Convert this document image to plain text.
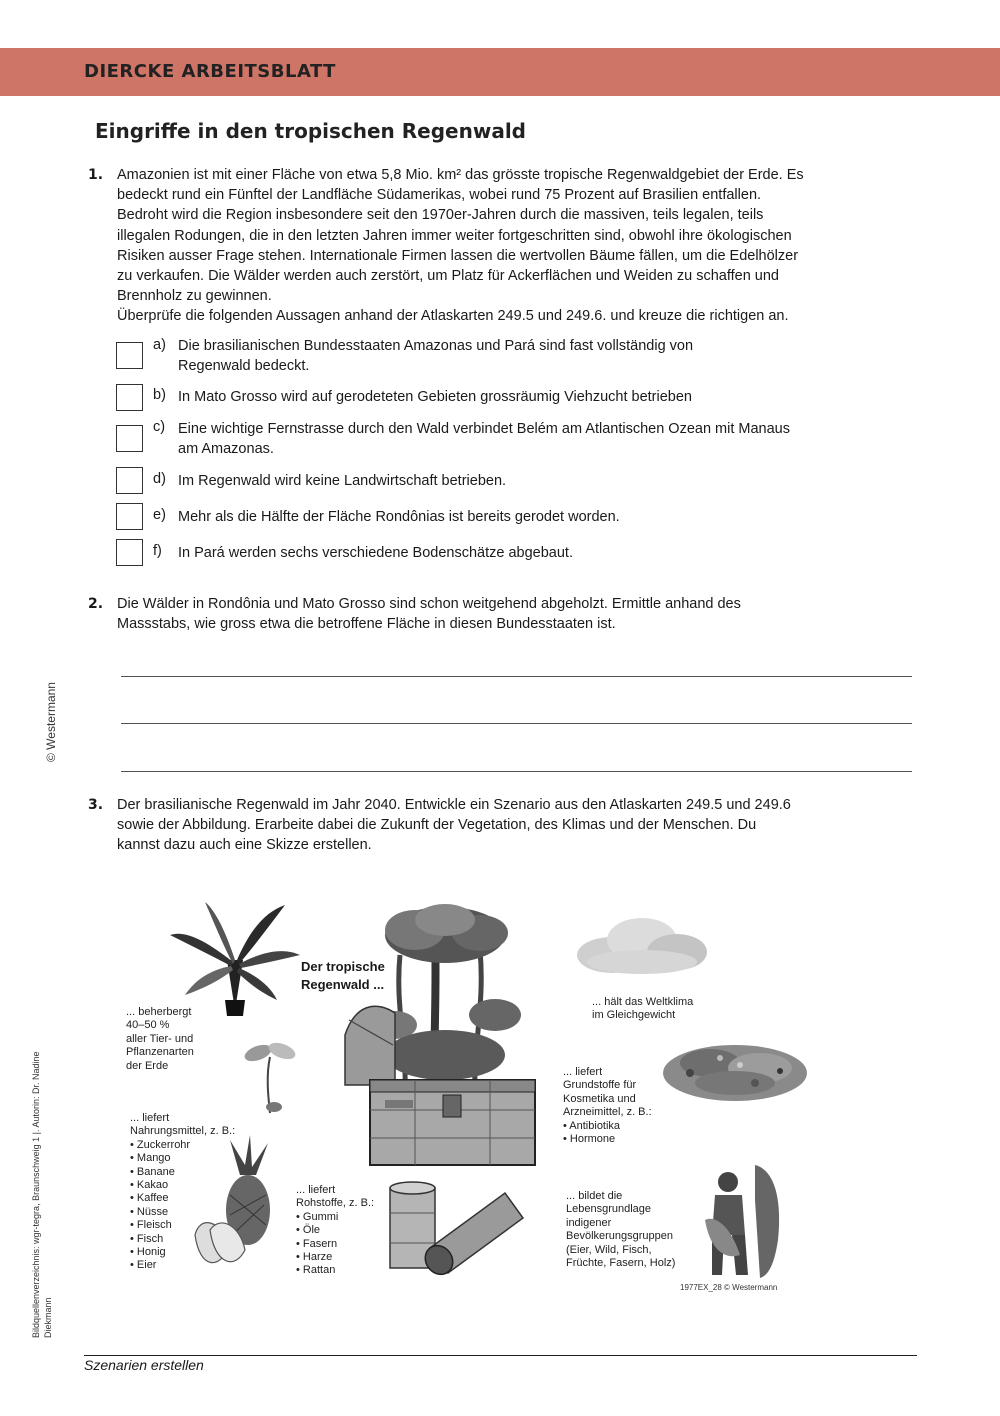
DIERCKE ARBEITSBLATT
Eingriffe in den tropischen Regenwald
© Westermann
Bildquellenverzeichnis: wgr-tegra, Braunschweig 1 |. Autorin: Dr. Nadine Diekmann
1. Amazonien ist mit einer Fläche von etwa 5,8 Mio. km² das grösste tropische Regenwaldgebiet der Erde. Es
bedeckt rund ein Fünftel der Landfläche Südamerikas, wobei rund 75 Prozent auf Brasilien entfallen.
Bedroht wird die Region insbesondere seit den 1970er-Jahren durch die massiven, teils legalen, teils
illegalen Rodungen, die in den letzten Jahren immer weiter fortgeschritten sind, obwohl ihre ökologischen
Risiken ausser Frage stehen. Internationale Firmen lassen die wertvollen Bäume fällen, um die Edelhölzer
zu verkaufen. Die Wälder werden auch zerstört, um Platz für Ackerflächen und Weiden zu schaffen und
Brennholz zu gewinnen.
Überprüfe die folgenden Aussagen anhand der Atlaskarten 249.5 und 249.6. und kreuze die richtigen an.
a) Die brasilianischen Bundesstaaten Amazonas und Pará sind fast vollständig von
Regenwald bedeckt.
b) In Mato Grosso wird auf gerodeteten Gebieten grossräumig Viehzucht betrieben
c) Eine wichtige Fernstrasse durch den Wald verbindet Belém am Atlantischen Ozean mit Manaus
am Amazonas.
d) Im Regenwald wird keine Landwirtschaft betrieben.
e) Mehr als die Hälfte der Fläche Rondônias ist bereits gerodet worden.
f) In Pará werden sechs verschiedene Bodenschätze abgebaut.
2. Die Wälder in Rondônia und Mato Grosso sind schon weitgehend abgeholzt. Ermittle anhand des
Massstabs, wie gross etwa die betroffene Fläche in diesen Bundesstaaten ist.
3. Der brasilianische Regenwald im Jahr 2040. Entwickle ein Szenario aus den Atlaskarten 249.5 und 249.6
sowie der Abbildung. Erarbeite dabei die Zukunft der Vegetation, des Klimas und der Menschen. Du
kannst dazu auch eine Skizze erstellen.
Der tropische
Regenwald ...
... beherbergt
40–50 %
aller Tier- und
Pflanzenarten
der Erde
... liefert
Nahrungsmittel, z. B.:
• Zuckerrohr
• Mango
• Banane
• Kakao
• Kaffee
• Nüsse
• Fleisch
• Fisch
• Honig
• Eier
... liefert
Rohstoffe, z. B.:
• Gummi
• Öle
• Fasern
• Harze
• Rattan
... hält das Weltklima
im Gleichgewicht
... liefert
Grundstoffe für
Kosmetika und
Arzneimittel, z. B.:
• Antibiotika
• Hormone
... bildet die
Lebensgrundlage
indigener
Bevölkerungsgruppen
(Eier, Wild, Fisch,
Früchte, Fasern, Holz)
1977EX_28 © Westermann
Szenarien erstellen
